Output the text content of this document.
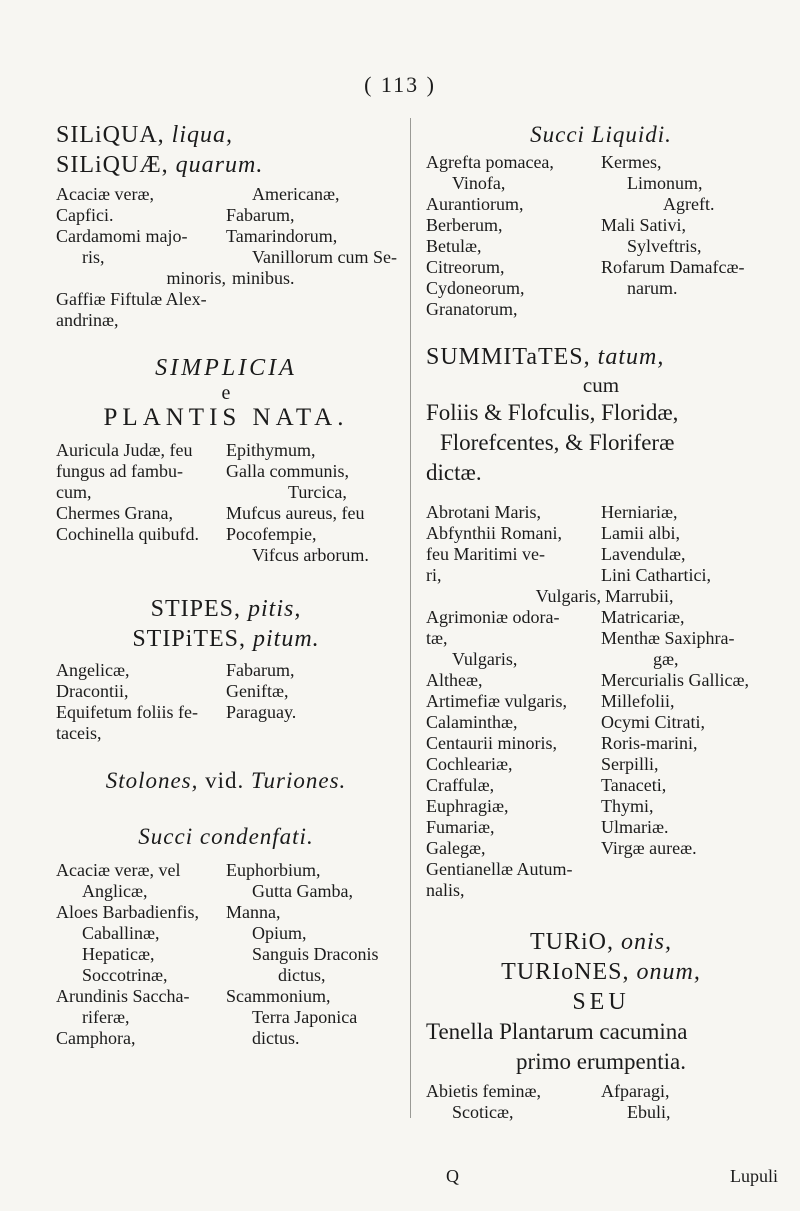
( 113 )
SILiQUA, liqua,
SILiQUÆ, quarum.
Acaciæ veræ,	Americanæ,
Capfici.	Fabarum,
Cardamomi majo-	Tamarindorum,
ris,	Vanillorum cum Se-
minoris, minibus.
Gaffiæ Fiftulæ Alex-
andrinæ,
SIMPLICIA
e
PLANTIS NATA.
Auricula Judæ, feu	Epithymum,
fungus ad fambu-	Galla communis,
cum,	Turcica,
Chermes Grana,	Mufcus aureus, feu
Cochinella quibufd.	Pocofempie,
Vifcus arborum.
STIPES, pitis,
STIPiTES, pitum.
Angelicæ,	Fabarum,
Dracontii,	Geniftæ,
Equifetum foliis fe-	Paraguay.
taceis,
Stolones, vid. Turiones.
Succi condenfati.
Acaciæ veræ, vel	Euphorbium,
Anglicæ,	Gutta Gamba,
Aloes Barbadienfis,	Manna,
Caballinæ,	Opium,
Hepaticæ,	Sanguis Draconis
Soccotrinæ,	dictus,
Arundinis Saccha-	Scammonium,
riferæ,	Terra Japonica
Camphora,	dictus.
Succi Liquidi.
Agrefta pomacea,	Kermes,
Vinofa,	Limonum,
Aurantiorum,	Agreft.
Berberum,	Mali Sativi,
Betulæ,	Sylveftris,
Citreorum,	Rofarum Damafcæ-
Cydoneorum,	narum.
Granatorum,
SUMMITaTES, tatum,
cum
Foliis & Flofculis, Floridæ,
Florefcentes, & Floriferæ
dictæ.
Abrotani Maris,	Herniariæ,
Abfynthii Romani,	Lamii albi,
feu Maritimi ve-	Lavendulæ,
ri,	Lini Cathartici,
Vulgaris, Marrubii,
Agrimoniæ odora-	Matricariæ,
tæ,	Menthæ Saxiphra-
Vulgaris,	gæ,
Altheæ,	Mercurialis Gallicæ,
Artimefiæ vulgaris,	Millefolii,
Calaminthæ,	Ocymi Citrati,
Centaurii minoris,	Roris-marini,
Cochleariæ,	Serpilli,
Craffulæ,	Tanaceti,
Euphragiæ,	Thymi,
Fumariæ,	Ulmariæ.
Galegæ,	Virgæ aureæ.
Gentianellæ Autum-
nalis,
TURiO, onis,
TURIoNES, onum,
SEU
Tenella Plantarum cacumina
primo erumpentia.
Abietis feminæ,	Afparagi,
Scoticæ,	Ebuli,
Q	Lupuli
